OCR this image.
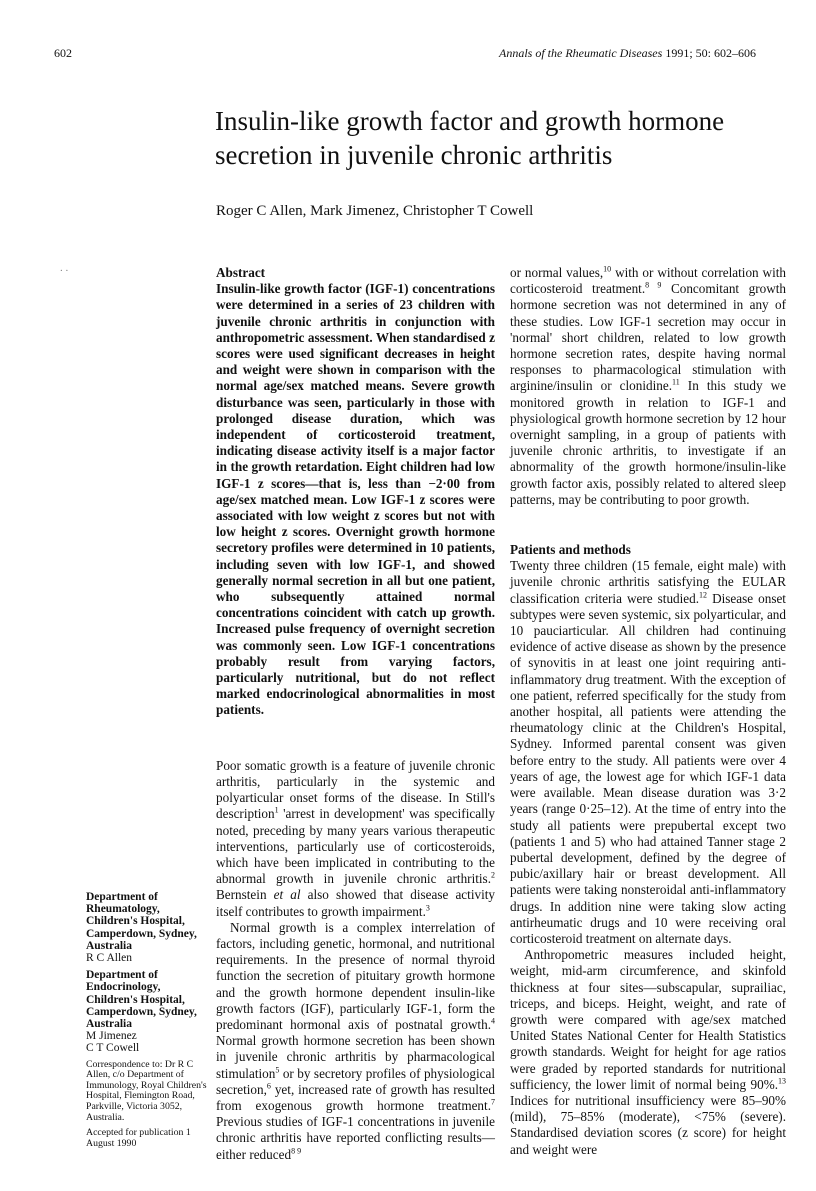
602	Annals of the Rheumatic Diseases 1991; 50: 602–606
Insulin-like growth factor and growth hormone secretion in juvenile chronic arthritis
Roger C Allen, Mark Jimenez, Christopher T Cowell
. .	Abstract

Insulin-like growth factor (IGF-1) concentrations were determined in a series of 23 children with juvenile chronic arthritis in conjunction with anthropometric assessment. When standardised z scores were used significant decreases in height and weight were shown in comparison with the normal age/sex matched means. Severe growth disturbance was seen, particularly in those with prolonged disease duration, which was independent of corticosteroid treatment, indicating disease activity itself is a major factor in the growth retardation. Eight children had low IGF-1 z scores—that is, less than −2·00 from age/sex matched mean. Low IGF-1 z scores were associated with low weight z scores but not with low height z scores. Overnight growth hormone secretory profiles were determined in 10 patients, including seven with low IGF-1, and showed generally normal secretion in all but one patient, who subsequently attained normal concentrations coincident with catch up growth. Increased pulse frequency of overnight secretion was commonly seen. Low IGF-1 concentrations probably result from varying factors, particularly nutritional, but do not reflect marked endocrinological abnormalities in most patients.

Poor somatic growth is a feature of juvenile chronic arthritis, particularly in the systemic and polyarticular onset forms of the disease. In Still's description$^1$ 'arrest in development' was specifically noted, preceding by many years various therapeutic interventions, particularly use of corticosteroids, which have been implicated in contributing to the abnormal growth in juvenile chronic arthritis.$^2$ Bernstein et al also showed that disease activity itself contributes to growth impairment.$^3$

Normal growth is a complex interrelation of factors, including genetic, hormonal, and nutritional requirements. In the presence of normal thyroid function the secretion of pituitary growth hormone and the growth hormone dependent insulin-like growth factors (IGF), particularly IGF-1, form the predominant hormonal axis of postnatal growth.$^4$ Normal growth hormone secretion has been shown in juvenile chronic arthritis by pharmacological stimulation$^5$ or by secretory profiles of physiological secretion,$^6$ yet, increased rate of growth has resulted from exogenous growth hormone treatment.$^7$ Previous studies of IGF-1 concentrations in juvenile chronic arthritis have reported conflicting results—either reduced$^{8 9}$

or normal values,$^{10}$ with or without correlation with corticosteroid treatment.$^{8 9}$ Concomitant growth hormone secretion was not determined in any of these studies. Low IGF-1 secretion may occur in 'normal' short children, related to low growth hormone secretion rates, despite having normal responses to pharmacological stimulation with arginine/insulin or clonidine.$^{11}$ In this study we monitored growth in relation to IGF-1 and physiological growth hormone secretion by 12 hour overnight sampling, in a group of patients with juvenile chronic arthritis, to investigate if an abnormality of the growth hormone/insulin-like growth factor axis, possibly related to altered sleep patterns, may be contributing to poor growth.

Patients and methods

Twenty three children (15 female, eight male) with juvenile chronic arthritis satisfying the EULAR classification criteria were studied.$^{12}$ Disease onset subtypes were seven systemic, six polyarticular, and 10 pauciarticular. All children had continuing evidence of active disease as shown by the presence of synovitis in at least one joint requiring anti-inflammatory drug treatment. With the exception of one patient, referred specifically for the study from another hospital, all patients were attending the rheumatology clinic at the Children's Hospital, Sydney. Informed parental consent was given before entry to the study. All patients were over 4 years of age, the lowest age for which IGF-1 data were available. Mean disease duration was 3·2 years (range 0·25–12). At the time of entry into the study all patients were prepubertal except two (patients 1 and 5) who had attained Tanner stage 2 pubertal development, defined by the degree of pubic/axillary hair or breast development. All patients were taking nonsteroidal anti-inflammatory drugs. In addition nine were taking slow acting antirheumatic drugs and 10 were receiving oral corticosteroid treatment on alternate days.

Anthropometric measures included height, weight, mid-arm circumference, and skinfold thickness at four sites—subscapular, suprailiac, triceps, and biceps. Height, weight, and rate of growth were compared with age/sex matched United States National Center for Health Statistics growth standards. Weight for height for age ratios were graded by reported standards for nutritional sufficiency, the lower limit of normal being 90%.$^{13}$ Indices for nutritional insufficiency were 85–90% (mild), 75–85% (moderate), <75% (severe). Standardised deviation scores (z score) for height and weight were

Department of Rheumatology, Children's Hospital, Camperdown, Sydney, Australia
R C Allen
Department of Endocrinology, Children's Hospital, Camperdown, Sydney, Australia
M Jimenez
C T Cowell
Correspondence to: Dr R C Allen, c/o Department of Immunology, Royal Children's Hospital, Flemington Road, Parkville, Victoria 3052, Australia.
Accepted for publication 1 August 1990
